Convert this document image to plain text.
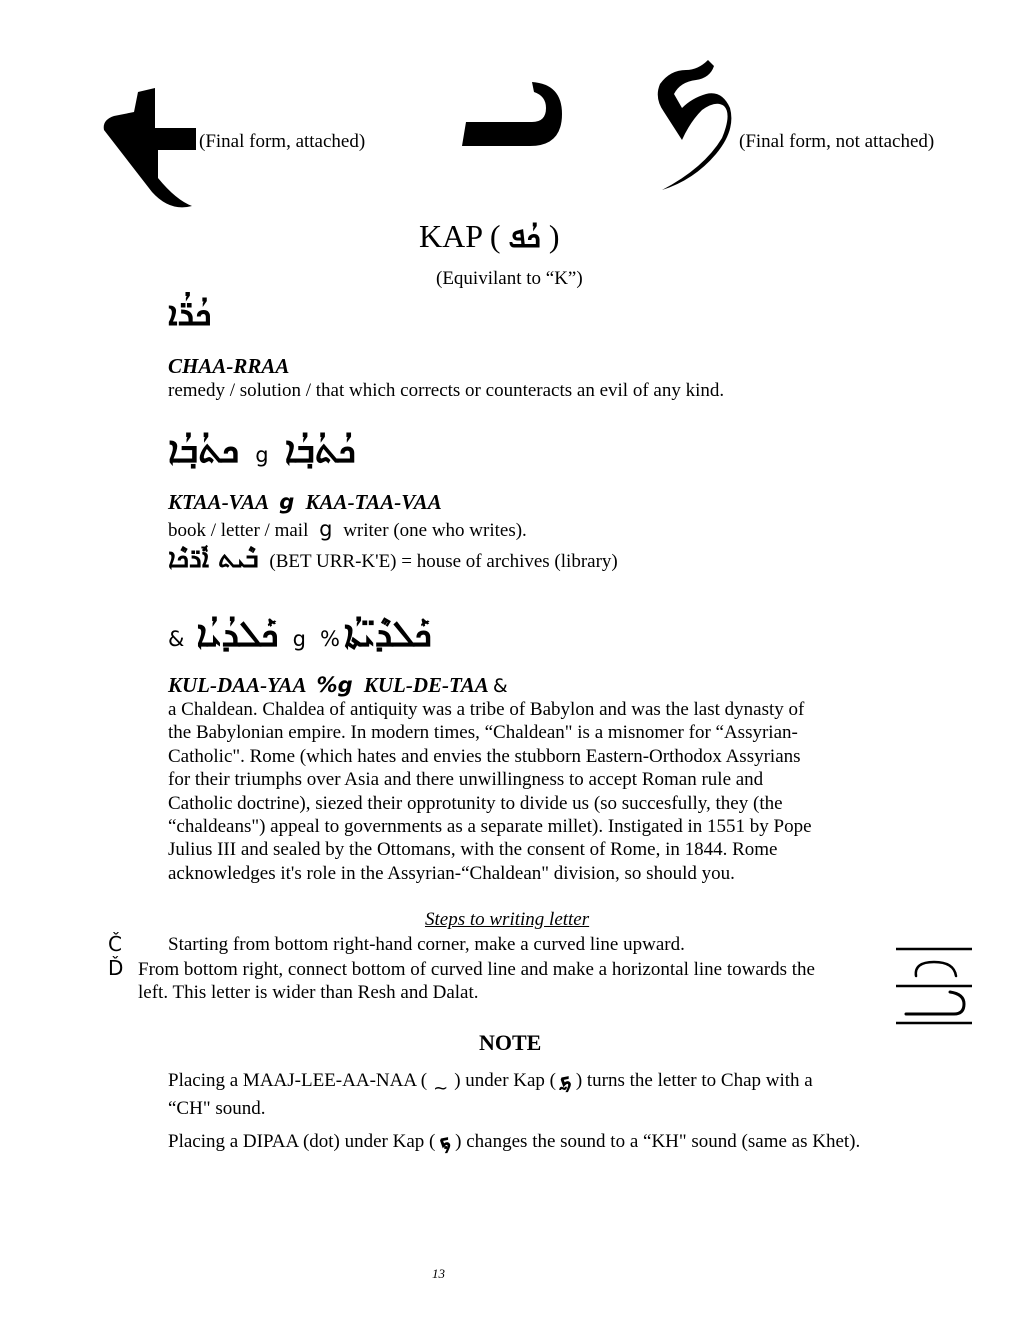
(Final form, attached)	(Final form, not attached)
KAP ( ܟܳܦ )
(Equivilant to “K”)
ܟܳܪ̈ܳܐ
CHAA-RRAA
remedy / solution / that which corrects or counteracts an evil of any kind.
ܟܬܳܒ݂ܳܐ g ܟܳܬܳܒ݂ܳܐ
KTAA-VAA g KAA-TAA-VAA
book / letter / mail g writer (one who writes).
ܒܶܝܬ ܐܽܪ̈ܟܶܐ (BET URR-K'E) = house of archives (library)
& ܟܰܠܕܳܝܳܐ g % ܟܰܠܕܶܝ̈ܬܳܐ
KUL-DAA-YAA %g KUL-DE-TAA &
a Chaldean. Chaldea of antiquity was a tribe of Babylon and was the last dynasty of
the Babylonian empire. In modern times, “Chaldean" is a misnomer for “Assyrian-
Catholic". Rome (which hates and envies the stubborn Eastern-Orthodox Assyrians
for their triumphs over Asia and there unwillingness to accept Roman rule and
Catholic doctrine), siezed their opprotunity to divide us (so succesfully, they (the
“chaldeans") appeal to governments as a separate millet). Instigated in 1551 by Pope
Julius III and sealed by the Ottomans, with the consent of Rome, in 1844. Rome
acknowledges it's role in the Assyrian-“Chaldean" division, so should you.
Steps to writing letter
Č Starting from bottom right-hand corner, make a curved line upward.
Ď From bottom right, connect bottom of curved line and make a horizontal line towards the
left. This letter is wider than Resh and Dalat.
NOTE
Placing a MAAJ-LEE-AA-NAA ( ~ ) under Kap ( ܟ̰ ) turns the letter to Chap with a
“CH" sound.
Placing a DIPAA (dot) under Kap ( ܟ݂ ) changes the sound to a “KH" sound (same as Khet).
13
